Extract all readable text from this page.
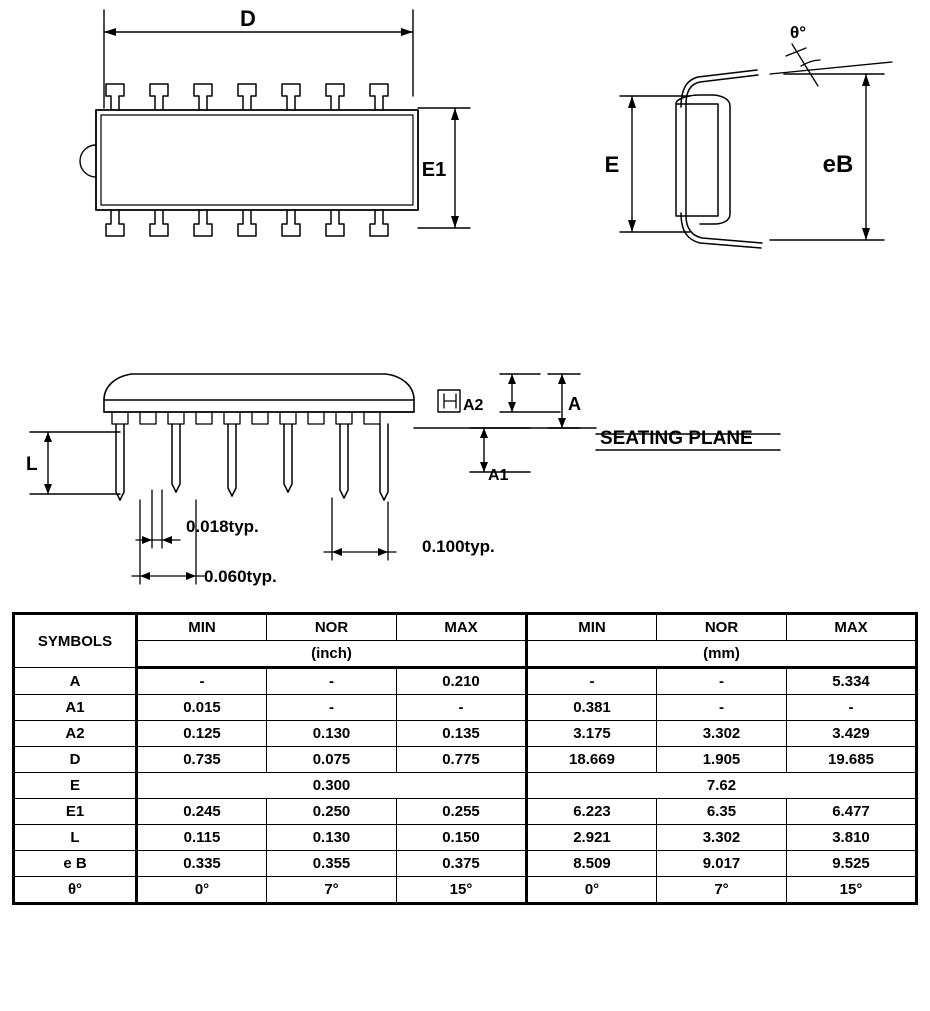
D
E1	E	eB
θ°
A2	A
A1
L
SEATING PLANE
0.018typ.
0.060typ.
0.100typ.
SYMBOLS	MIN	NOR	MAX	MIN	NOR	MAX
	(inch)			(mm)		
A	-	-	0.210	-	-	5.334
A1	0.015	-	-	0.381	-	-
A2	0.125	0.130	0.135	3.175	3.302	3.429
D	0.735	0.075	0.775	18.669	1.905	19.685
E	0.300			7.62		
E1	0.245	0.250	0.255	6.223	6.35	6.477
L	0.115	0.130	0.150	2.921	3.302	3.810
e B	0.335	0.355	0.375	8.509	9.017	9.525
θ°	0°	7°	15°	0°	7°	15°
